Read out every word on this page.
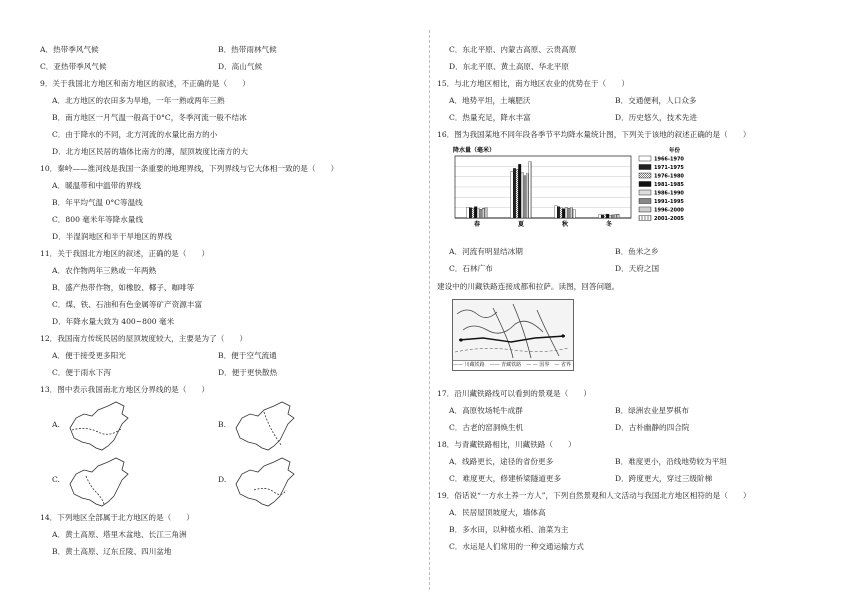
A．热带季风气候	B．热带雨林气候
C．亚热带季风气候	D．高山气候
9．关于我国北方地区和南方地区的叙述，不正确的是（　　）
A．北方地区的农田多为旱地，一年一熟或两年三熟
B．南方地区一月气温一般高于0°C，冬季河流一般不结冰
C．由于降水的不同，北方河流的水量比南方的小
D．北方地区民居的墙体比南方的薄，屋顶坡度比南方的大
10．秦岭——淮河线是我国一条重要的地理界线，下列界线与它大体相一致的是（　　）
A．暖温带和中温带的界线
B．年平均气温 0°C等温线
C．800 毫米年等降水量线
D．半湿润地区和半干旱地区的界线
11．关于我国北方地区的叙述，正确的是（　　）
A．农作物两年三熟或一年两熟
B．盛产热带作物，如橡胶、椰子、咖啡等
C．煤、铁、石油和有色金属等矿产资源丰富
D．年降水量大致为 400~800 毫米
12．我国南方传统民居的屋顶坡度较大，主要是为了（　　）
A．便于接受更多阳光	B．便于空气流通
C．便于雨水下泻	D．便于更快散热
13．图中表示我国南北方地区分界线的是（　　）
A.	B.
C.	D.
14．下列地区全部属于北方地区的是（　　）
A．黄土高原、塔里木盆地、长江三角洲
B．黄土高原、辽东丘陵、四川盆地
C．东北平原、内蒙古高原、云贵高原
D．东北平原、黄土高原、华北平原
15．与北方地区相比，南方地区农业的优势在于（　　）
A．地势平坦，土壤肥沃	B．交通便利，人口众多
C．热量充足，降水丰富	D．历史悠久，技术先进
16．图为我国某地不同年段各季节平均降水量统计图，下列关于该地的叙述正确的是（　　）
降水量（毫米）
春	夏	秋	冬
年份
1966-1970
1971-1975
1976-1980
1981-1985
1986-1990
1991-1995
1996-2000
2001-2005
A．河流有明显结冰期	B．鱼米之乡
C．石林广布	D．天府之国
建设中的川藏铁路连接成都和拉萨。读图，回答问题。
—— 川藏铁路　—— 青藏铁路　— — 国界　— 省界
17．沿川藏铁路线可以看到的景观是（　　）
A．高原牧场牦牛成群	B．绿洲农业星罗棋布
C．古老的窑洞焕生机	D．古朴幽静的四合院
18．与青藏铁路相比，川藏铁路（　　）
A．线路更长，途径的省份更多	B．难度更小，沿线地势较为平坦
C．难度更大，修建桥梁隧道更多	D．跨度更大，穿过三级阶梯
19．俗话说“一方水土养一方人”，下列自然景观和人文活动与我国北方地区相符的是（　　）
A．民居屋顶坡度大，墙体高
B．多水田，以种植水稻、油菜为主
C．水运是人们常用的一种交通运输方式
